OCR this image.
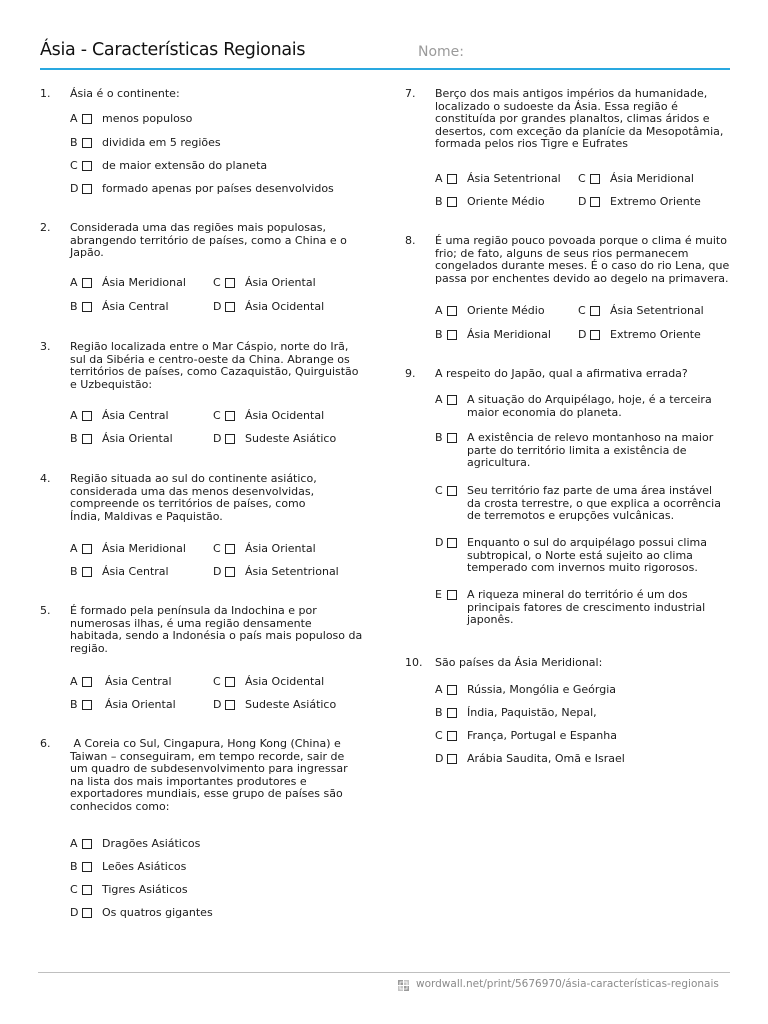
Ásia - Características Regionais	Nome:
1. Ásia é o continente:
A menos populoso
B dividida em 5 regiões
C de maior extensão do planeta
D formado apenas por países desenvolvidos
2. Considerada uma das regiões mais populosas,
abrangendo território de países, como a China e o
Japão.
A Ásia Meridional C Ásia Oriental
B Ásia Central	D Ásia Ocidental
3. Região localizada entre o Mar Cáspio, norte do Irã,
sul da Sibéria e centro-oeste da China. Abrange os
territórios de países, como Cazaquistão, Quirguistão
e Uzbequistão:
A Ásia Central	C Ásia Ocidental
B Ásia Oriental	D Sudeste Asiático
4. Região situada ao sul do continente asiático,
considerada uma das menos desenvolvidas,
compreende os territórios de países, como
Índia, Maldivas e Paquistão.
A Ásia Meridional C Ásia Oriental
B Ásia Central	D Ásia Setentrional
5. É formado pela península da Indochina e por
numerosas ilhas, é uma região densamente
habitada, sendo a Indonésia o país mais populoso da
região.
A Ásia Central	C Ásia Ocidental
B Ásia Oriental	D Sudeste Asiático
6. A Coreia co Sul, Cingapura, Hong Kong (China) e
Taiwan – conseguiram, em tempo recorde, sair de
um quadro de subdesenvolvimento para ingressar
na lista dos mais importantes produtores e
exportadores mundiais, esse grupo de países são
conhecidos como:
A Dragões Asiáticos
B Leões Asiáticos
C Tigres Asiáticos
D Os quatros gigantes
7. Berço dos mais antigos impérios da humanidade,
localizado o sudoeste da Ásia. Essa região é
constituída por grandes planaltos, climas áridos e
desertos, com exceção da planície da Mesopotâmia,
formada pelos rios Tigre e Eufrates
A Ásia Setentrional C Ásia Meridional
B Oriente Médio	D Extremo Oriente
8. É uma região pouco povoada porque o clima é muito
frio; de fato, alguns de seus rios permanecem
congelados durante meses. É o caso do rio Lena, que
passa por enchentes devido ao degelo na primavera.
A Oriente Médio	C Ásia Setentrional
B Ásia Meridional D Extremo Oriente
9. A respeito do Japão, qual a afirmativa errada?
A A situação do Arquipélago, hoje, é a terceira
maior economia do planeta.
B A existência de relevo montanhoso na maior
parte do território limita a existência de
agricultura.
C Seu território faz parte de uma área instável
da crosta terrestre, o que explica a ocorrência
de terremotos e erupções vulcânicas.
D Enquanto o sul do arquipélago possui clima
subtropical, o Norte está sujeito ao clima
temperado com invernos muito rigorosos.
E A riqueza mineral do território é um dos
principais fatores de crescimento industrial
japonês.
10. São países da Ásia Meridional:
A Rússia, Mongólia e Geórgia
B Índia, Paquistão, Nepal,
C França, Portugal e Espanha
D Arábia Saudita, Omã e Israel
wordwall.net/print/5676970/ásia-características-regionais
